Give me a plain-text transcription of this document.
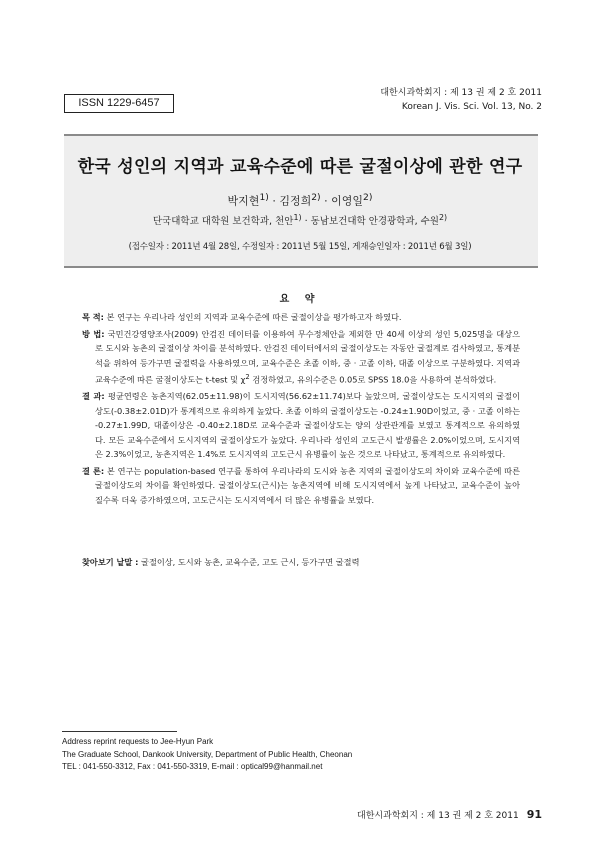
ISSN 1229-6457
대한시과학회지 : 제 13 권 제 2 호 2011
Korean J. Vis. Sci. Vol. 13, No. 2
한국 성인의 지역과 교육수준에 따른 굴절이상에 관한 연구
박지현$^{1)}$ · 김정희$^{2)}$ · 이영일$^{2)}$
단국대학교 대학원 보건학과, 천안$^{1)}$ · 동남보건대학 안경광학과, 수원$^{2)}$
(접수일자 : 2011년 4월 28일, 수정일자 : 2011년 5월 15일, 게재승인일자 : 2011년 6월 3일)
요 약

목 적: 본 연구는 우리나라 성인의 지역과 교육수준에 따른 굴절이상을 평가하고자 하였다.

방 법: 국민건강영양조사(2009) 안검진 데이터를 이용하여 무수정체안을 제외한 만 40세 이상의 성인 5,025명을 대상으로 도시와 농촌의 굴절이상 차이를 분석하였다. 안검진 데이터에서의 굴절이상도는 자동안 굴절계로 검사하였고, 통계분석을 위하여 등가구면 굴절력을 사용하였으며, 교육수준은 초졸 이하, 중 · 고졸 이하, 대졸 이상으로 구분하였다. 지역과 교육수준에 따른 굴절이상도는 t-test 및 $\chi^2$ 검정하였고, 유의수준은 0.05로 SPSS 18.0을 사용하여 분석하였다.

결 과: 평균연령은 농촌지역(62.05±11.98)이 도시지역(56.62±11.74)보다 높았으며, 굴절이상도는 도시지역의 굴절이상도(-0.38±2.01D)가 통계적으로 유의하게 높았다. 초졸 이하의 굴절이상도는 -0.24±1.90D이었고, 중 · 고졸 이하는 -0.27±1.99D, 대졸이상은 -0.40±2.18D로 교육수준과 굴절이상도는 양의 상관관계를 보였고 통계적으로 유의하였다. 모든 교육수준에서 도시지역의 굴절이상도가 높았다. 우리나라 성인의 고도근시 발생률은 2.0%이었으며, 도시지역은 2.3%이었고, 농촌지역은 1.4%로 도시지역의 고도근시 유병률이 높은 것으로 나타났고, 통계적으로 유의하였다.

결 론: 본 연구는 population-based 연구를 통하여 우리나라의 도시와 농촌 지역의 굴절이상도의 차이와 교육수준에 따른 굴절이상도의 차이를 확인하였다. 굴절이상도(근시)는 농촌지역에 비해 도시지역에서 높게 나타났고, 교육수준이 높아질수록 더욱 증가하였으며, 고도근시는 도시지역에서 더 많은 유병률을 보였다.

찾아보기 낱말 : 굴절이상, 도시와 농촌, 교육수준, 고도 근시, 등가구면 굴절력
Address reprint requests to Jee-Hyun Park
The Graduate School, Dankook University, Department of Public Health, Cheonan
TEL : 041-550-3312, Fax : 041-550-3319, E-mail : optical99@hanmail.net
대한시과학회지 : 제 13 권 제 2 호 2011 91
